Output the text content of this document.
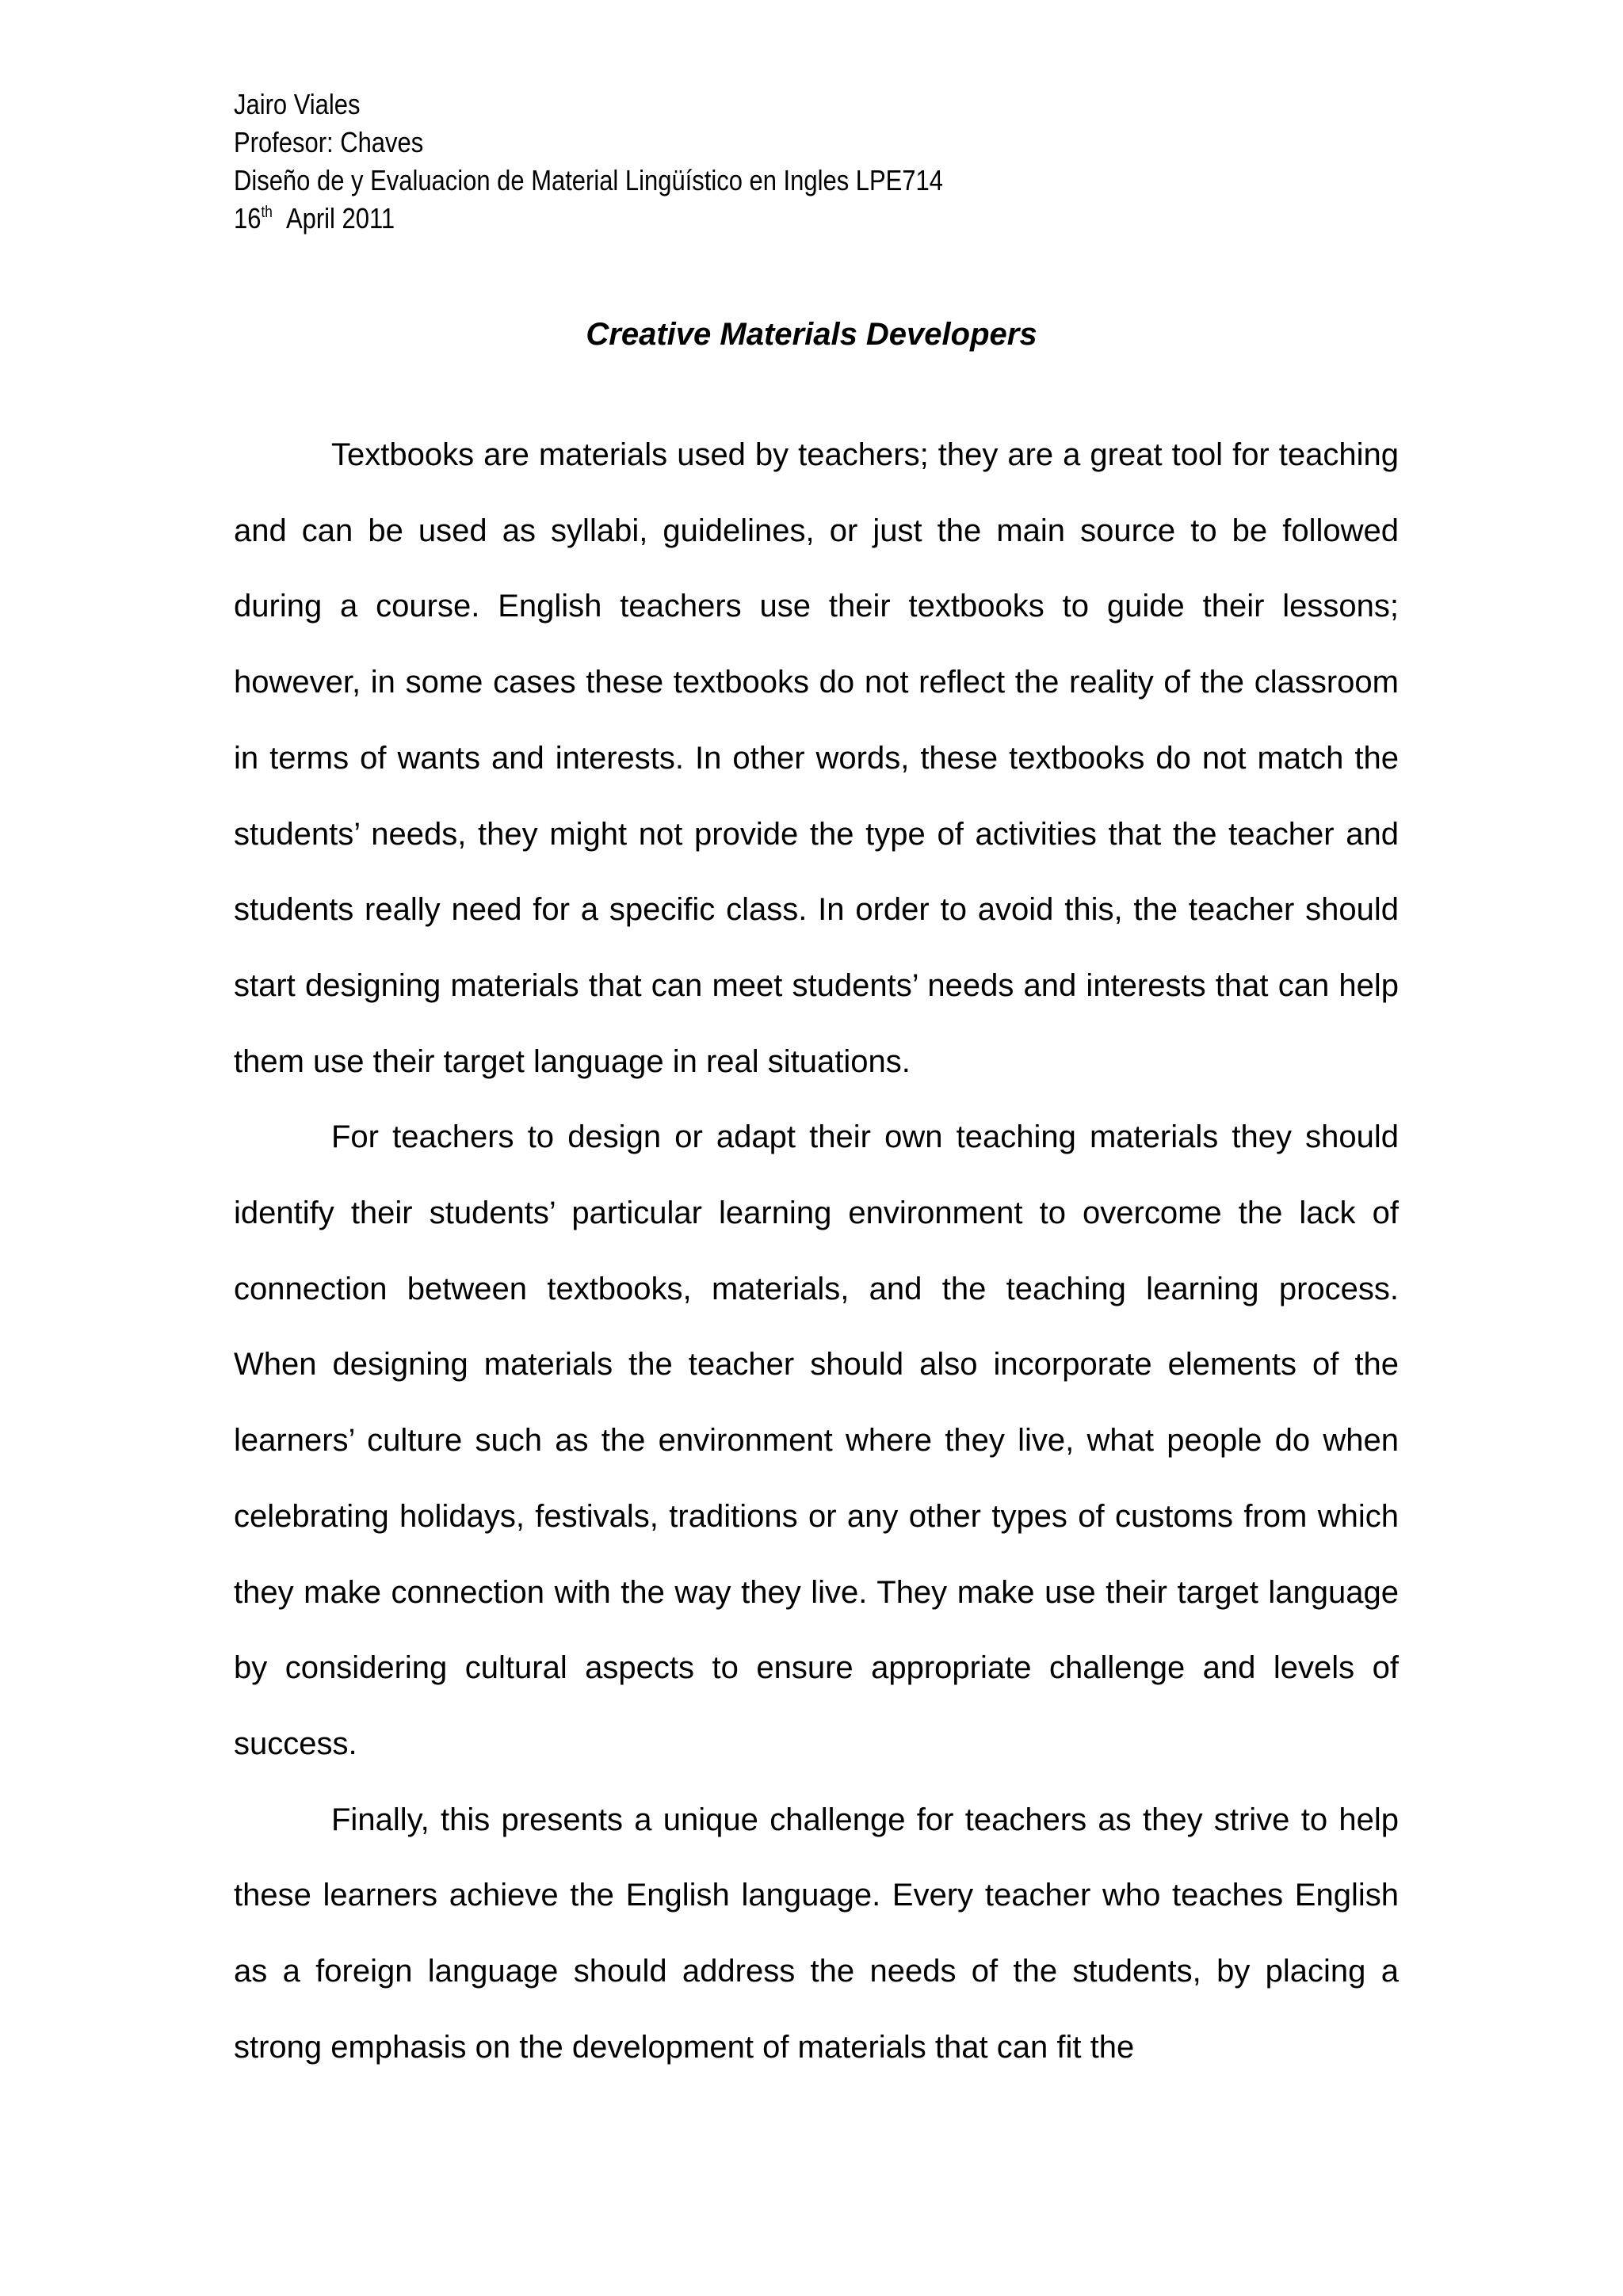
Jairo Viales
Profesor: Chaves
Diseño de y Evaluacion de Material Lingüístico en Ingles LPE714
16th April 2011
Creative Materials Developers

Textbooks are materials used by teachers; they are a great tool for teaching and can be used as syllabi, guidelines, or just the main source to be followed during a course. English teachers use their textbooks to guide their lessons; however, in some cases these textbooks do not reflect the reality of the classroom in terms of wants and interests. In other words, these textbooks do not match the students’ needs, they might not provide the type of activities that the teacher and students really need for a specific class. In order to avoid this, the teacher should start designing materials that can meet students’ needs and interests that can help them use their target language in real situations.

For teachers to design or adapt their own teaching materials they should identify their students’ particular learning environment to overcome the lack of connection between textbooks, materials, and the teaching learning process. When designing materials the teacher should also incorporate elements of the learners’ culture such as the environment where they live, what people do when celebrating holidays, festivals, traditions or any other types of customs from which they make connection with the way they live. They make use their target language by considering cultural aspects to ensure appropriate challenge and levels of success.

Finally, this presents a unique challenge for teachers as they strive to help these learners achieve the English language. Every teacher who teaches English as a foreign language should address the needs of the students, by placing a strong emphasis on the development of materials that can fit the
